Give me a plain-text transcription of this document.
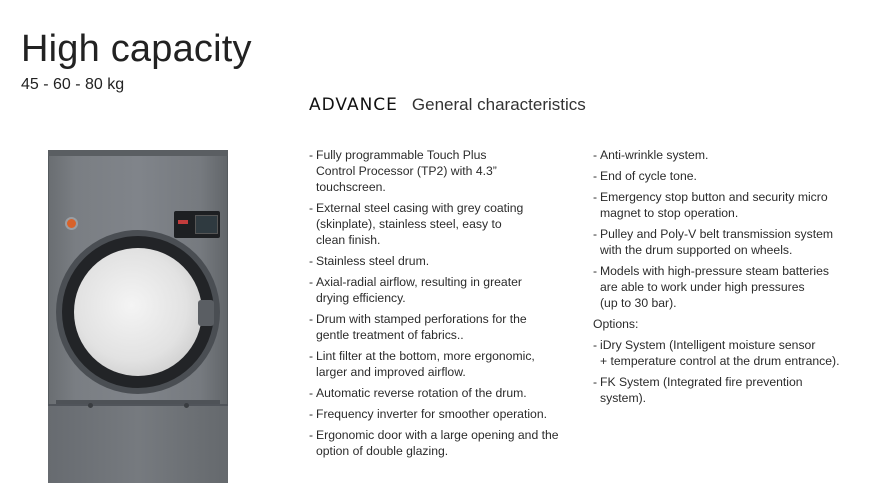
High capacity
45 - 60 - 80 kg
ADVANCE General characteristics
- Fully programmable Touch Plus
Control Processor (TP2) with 4.3”
touchscreen.
- External steel casing with grey coating
(skinplate), stainless steel, easy to
clean finish.
- Stainless steel drum.
- Axial-radial airflow, resulting in greater
drying efficiency.
- Drum with stamped perforations for the
gentle treatment of fabrics..
- Lint filter at the bottom, more ergonomic,
larger and improved airflow.
- Automatic reverse rotation of the drum.
- Frequency inverter for smoother operation.
- Ergonomic door with a large opening and the
option of double glazing.
- Anti-wrinkle system.
- End of cycle tone.
- Emergency stop button and security micro
magnet to stop operation.
- Pulley and Poly-V belt transmission system
with the drum supported on wheels.
- Models with high-pressure steam batteries
are able to work under high pressures
(up to 30 bar).
Options:
- iDry System (Intelligent moisture sensor
+ temperature control at the drum entrance).
- FK System (Integrated fire prevention
system).
